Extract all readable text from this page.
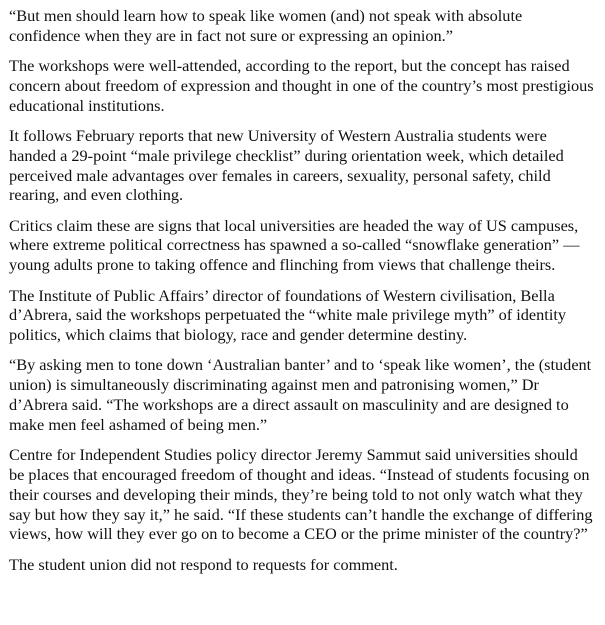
“But men should learn how to speak like women (and) not speak with absolute confidence when they are in fact not sure or expressing an opinion.”

The workshops were well-attended, according to the report, but the concept has raised concern about freedom of expression and thought in one of the country’s most prestigious educational institutions.

It follows February reports that new University of Western Australia students were handed a 29-point “male privilege checklist” during orientation week, which detailed perceived male advantages over females in careers, sexuality, personal safety, child rearing, and even clothing.

Critics claim these are signs that local universities are headed the way of US campuses, where extreme political correctness has spawned a so-called “snowflake generation” — young adults prone to taking offence and flinching from views that challenge theirs.

The Institute of Public Affairs’ director of foundations of Western civilisation, Bella d’Abrera, said the workshops perpetuated the “white male privilege myth” of identity politics, which claims that biology, race and gender determine destiny.

“By asking men to tone down ‘Australian banter’ and to ‘speak like women’, the (student union) is simultaneously discriminating against men and patronising women,” Dr d’Abrera said. “The workshops are a direct assault on masculinity and are designed to make men feel ashamed of being men.”

Centre for Independent Studies policy director Jeremy Sammut said universities should be places that encouraged freedom of thought and ideas. “Instead of students focusing on their courses and developing their minds, they’re being told to not only watch what they say but how they say it,” he said. “If these students can’t handle the exchange of differing views, how will they ever go on to become a CEO or the prime minister of the country?”

The student union did not respond to requests for comment.
